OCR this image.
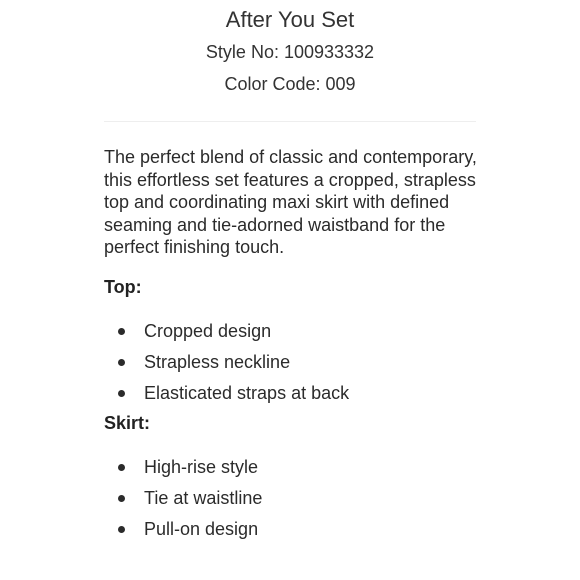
After You Set

Style No: 100933332

Color Code: 009

The perfect blend of classic and contemporary, this effortless set features a cropped, strapless top and coordinating maxi skirt with defined seaming and tie-adorned waistband for the perfect finishing touch.

Top:
Cropped design
Strapless neckline
Elasticated straps at back
Skirt:
High-rise style
Tie at waistline
Pull-on design
